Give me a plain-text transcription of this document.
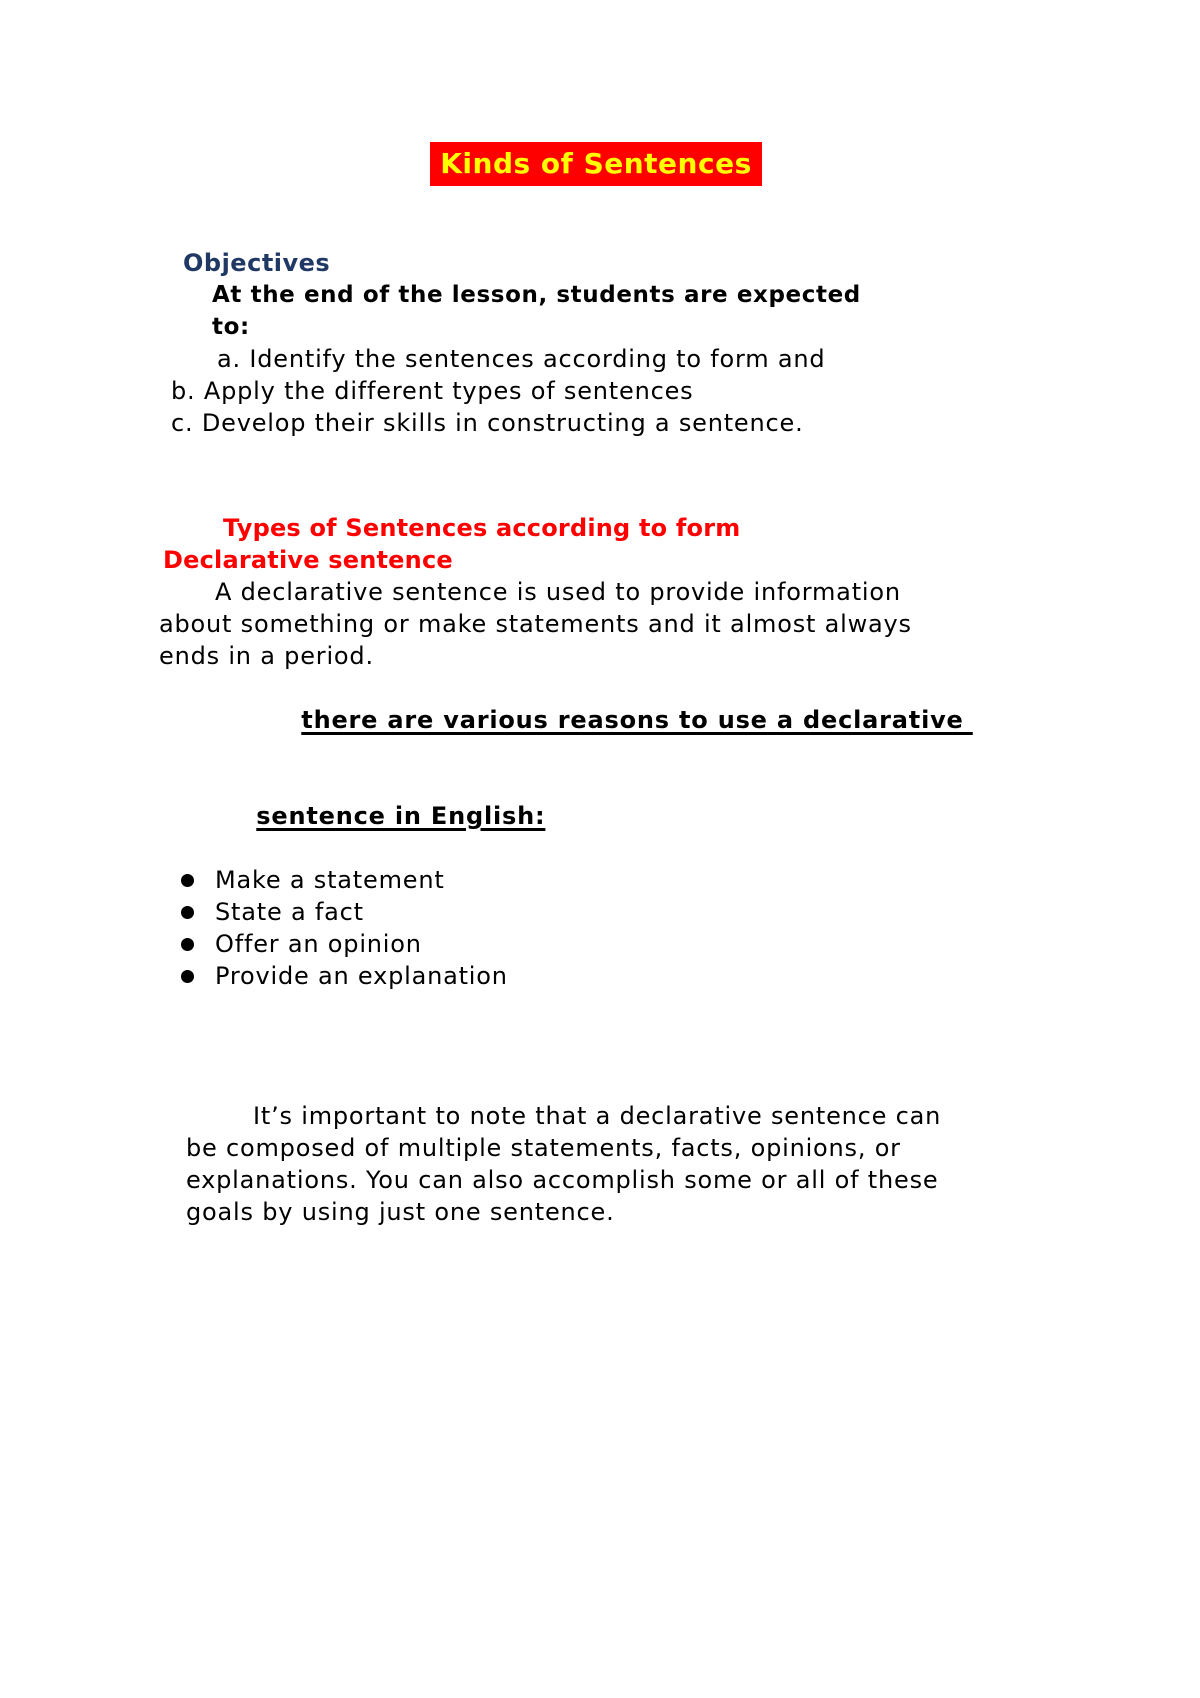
Kinds of Sentences
Objectives
At the end of the lesson, students are expected
to:
a. Identify the sentences according to form and
b. Apply the different types of sentences
c. Develop their skills in constructing a sentence.
Types of Sentences according to form
Declarative sentence
A declarative sentence is used to provide information
about something or make statements and it almost always
ends in a period.

there are various reasons to use a declarative

sentence in English:

Make a statement
State a fact
Offer an opinion
Provide an explanation
It’s important to note that a declarative sentence can
be composed of multiple statements, facts, opinions, or
explanations. You can also accomplish some or all of these
goals by using just one sentence.
